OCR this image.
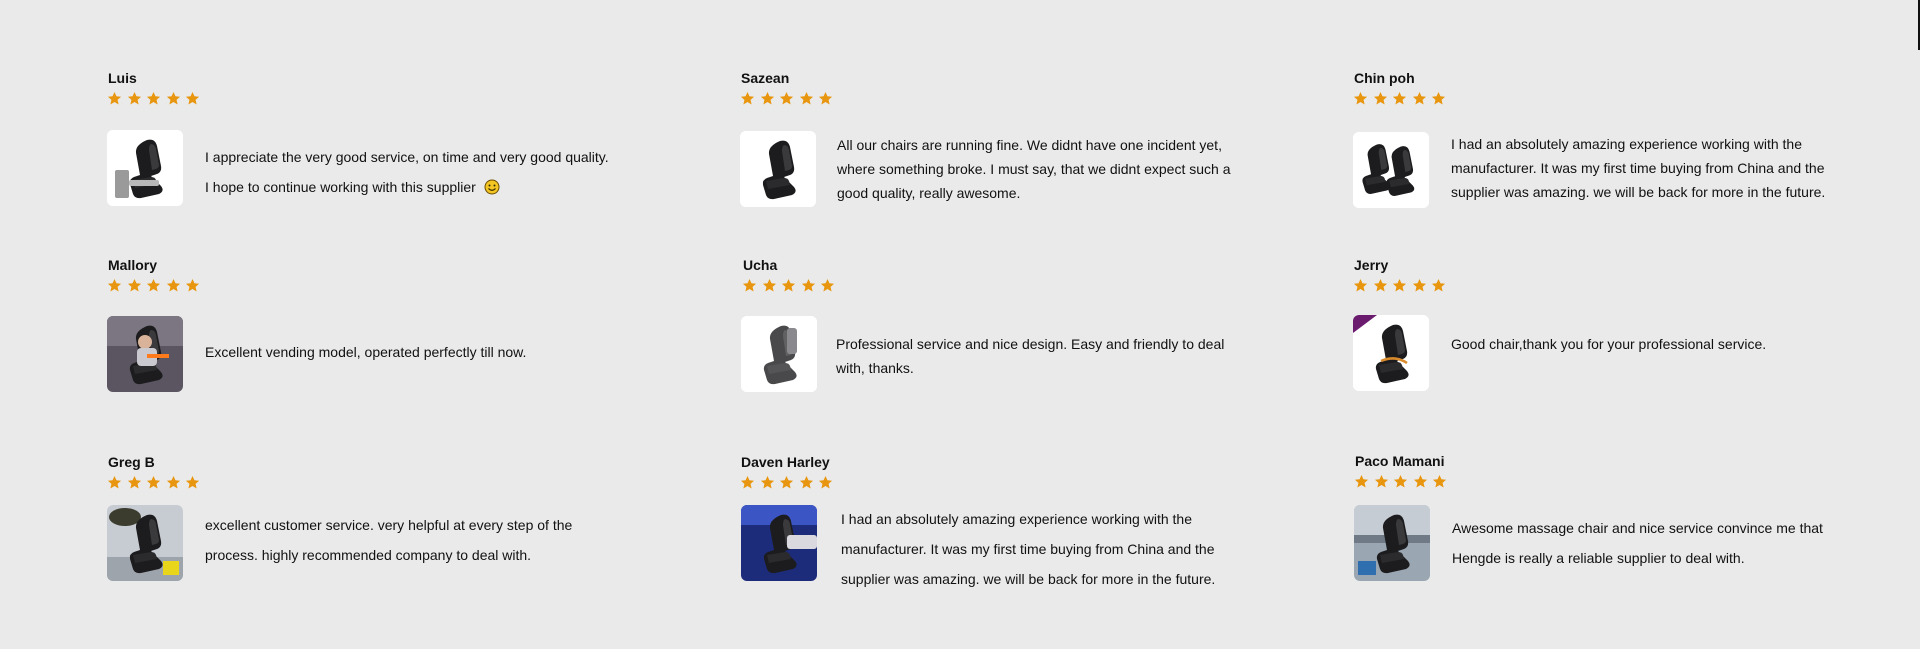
Luis

I appreciate the very good service, on time and very good quality.
I hope to continue working with this supplier

Sazean

All our chairs are running fine. We didnt have one incident yet, where something broke. I must say, that we didnt expect such a good quality, really awesome.

Chin poh

I had an absolutely amazing experience working with the manufacturer. It was my first time buying from China and the supplier was amazing. we will be back for more in the future.

Mallory

Excellent vending model, operated perfectly till now.

Ucha

Professional service and nice design. Easy and friendly to deal with, thanks.

Jerry

Good chair,thank you for your professional service.

Greg B

excellent customer service. very helpful at every step of the process. highly recommended company to deal with.

Daven Harley

I had an absolutely amazing experience working with the manufacturer. It was my first time buying from China and the supplier was amazing. we will be back for more in the future.

Paco Mamani

Awesome massage chair and nice service convince me that Hengde is really a reliable supplier to deal with.
